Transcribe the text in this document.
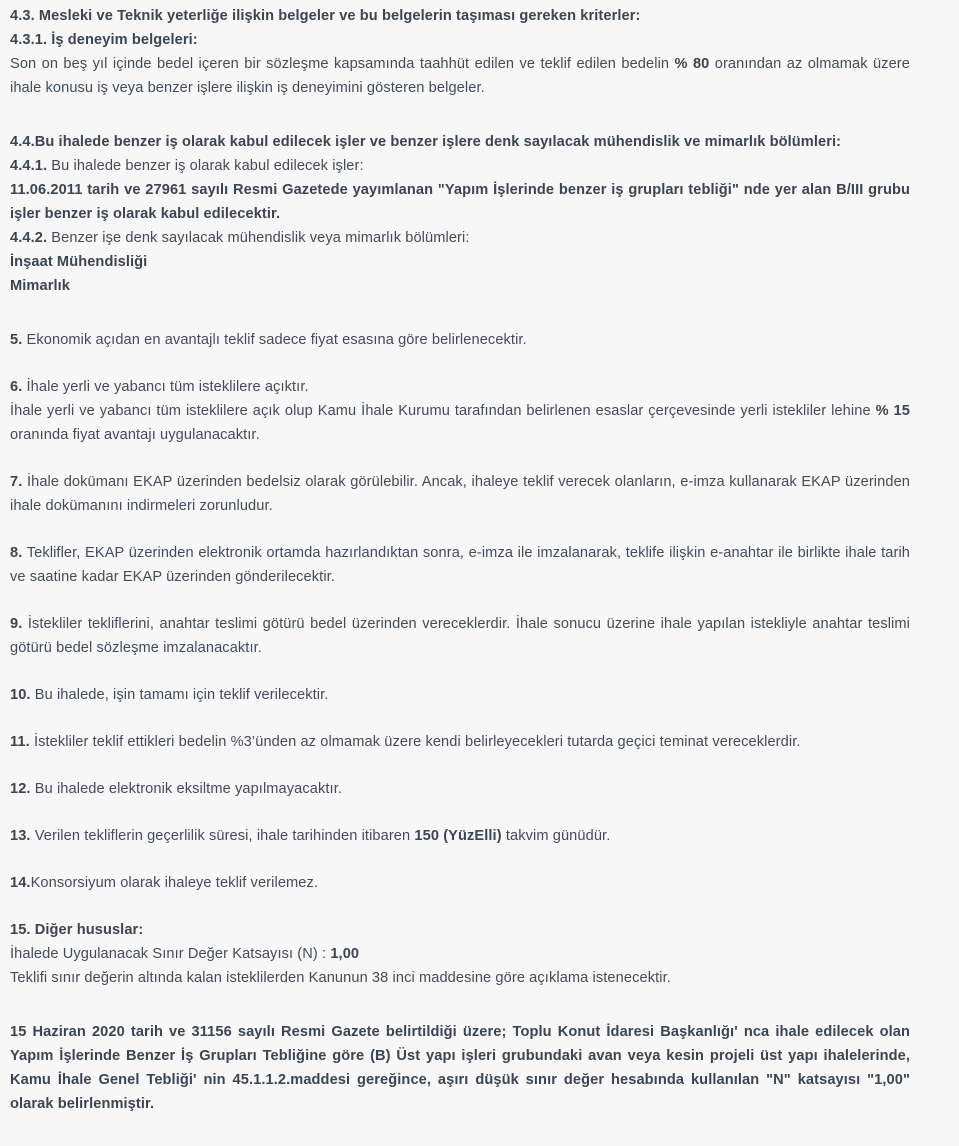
4.3. Mesleki ve Teknik yeterliğe ilişkin belgeler ve bu belgelerin taşıması gereken kriterler:

4.3.1. İş deneyim belgeleri:

Son on beş yıl içinde bedel içeren bir sözleşme kapsamında taahhüt edilen ve teklif edilen bedelin % 80 oranından az olmamak üzere ihale konusu iş veya benzer işlere ilişkin iş deneyimini gösteren belgeler.

4.4.Bu ihalede benzer iş olarak kabul edilecek işler ve benzer işlere denk sayılacak mühendislik ve mimarlık bölümleri:

4.4.1. Bu ihalede benzer iş olarak kabul edilecek işler:

11.06.2011 tarih ve 27961 sayılı Resmi Gazetede yayımlanan "Yapım İşlerinde benzer iş grupları tebliği" nde yer alan B/III grubu işler benzer iş olarak kabul edilecektir.

4.4.2. Benzer işe denk sayılacak mühendislik veya mimarlık bölümleri:

İnşaat Mühendisliği

Mimarlık

5. Ekonomik açıdan en avantajlı teklif sadece fiyat esasına göre belirlenecektir.

6. İhale yerli ve yabancı tüm isteklilere açıktır.

İhale yerli ve yabancı tüm isteklilere açık olup Kamu İhale Kurumu tarafından belirlenen esaslar çerçevesinde yerli istekliler lehine % 15 oranında fiyat avantajı uygulanacaktır.

7. İhale dokümanı EKAP üzerinden bedelsiz olarak görülebilir. Ancak, ihaleye teklif verecek olanların, e-imza kullanarak EKAP üzerinden ihale dokümanını indirmeleri zorunludur.

8. Teklifler, EKAP üzerinden elektronik ortamda hazırlandıktan sonra, e-imza ile imzalanarak, teklife ilişkin e-anahtar ile birlikte ihale tarih ve saatine kadar EKAP üzerinden gönderilecektir.

9. İstekliler tekliflerini, anahtar teslimi götürü bedel üzerinden vereceklerdir. İhale sonucu üzerine ihale yapılan istekliyle anahtar teslimi götürü bedel sözleşme imzalanacaktır.

10. Bu ihalede, işin tamamı için teklif verilecektir.

11. İstekliler teklif ettikleri bedelin %3’ünden az olmamak üzere kendi belirleyecekleri tutarda geçici teminat vereceklerdir.

12. Bu ihalede elektronik eksiltme yapılmayacaktır.

13. Verilen tekliflerin geçerlilik süresi, ihale tarihinden itibaren 150 (YüzElli) takvim günüdür.

14.Konsorsiyum olarak ihaleye teklif verilemez.

15. Diğer hususlar:

İhalede Uygulanacak Sınır Değer Katsayısı (N) : 1,00

Teklifi sınır değerin altında kalan isteklilerden Kanunun 38 inci maddesine göre açıklama istenecektir.

15 Haziran 2020 tarih ve 31156 sayılı Resmi Gazete belirtildiği üzere; Toplu Konut İdaresi Başkanlığı' nca ihale edilecek olan Yapım İşlerinde Benzer İş Grupları Tebliğine göre (B) Üst yapı işleri grubundaki avan veya kesin projeli üst yapı ihalelerinde, Kamu İhale Genel Tebliği' nin 45.1.1.2.maddesi gereğince, aşırı düşük sınır değer hesabında kullanılan "N" katsayısı "1,00" olarak belirlenmiştir.
